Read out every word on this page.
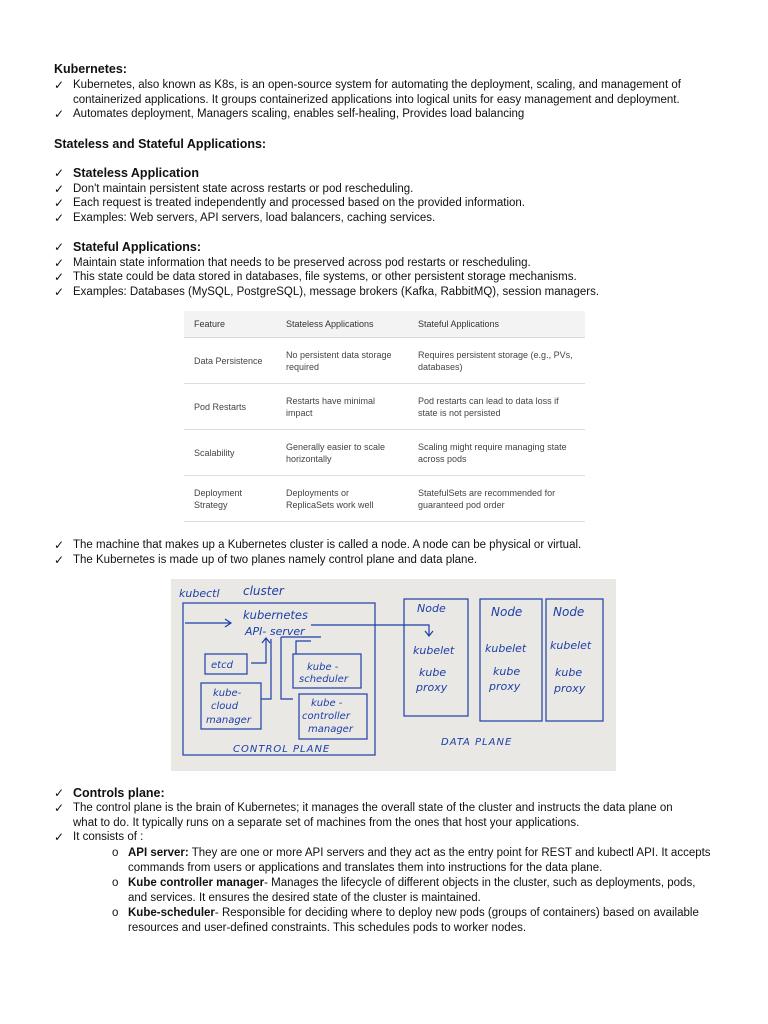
Kubernetes:
✓ Kubernetes, also known as K8s, is an open-source system for automating the deployment, scaling, and management of
containerized applications. It groups containerized applications into logical units for easy management and deployment.
✓ Automates deployment, Managers scaling, enables self-healing, Provides load balancing
Stateless and Stateful Applications:
✓ Stateless Application
✓ Don't maintain persistent state across restarts or pod rescheduling.
✓ Each request is treated independently and processed based on the provided information.
✓ Examples: Web servers, API servers, load balancers, caching services.
✓ Stateful Applications:
✓ Maintain state information that needs to be preserved across pod restarts or rescheduling.
✓ This state could be data stored in databases, file systems, or other persistent storage mechanisms.
✓ Examples: Databases (MySQL, PostgreSQL), message brokers (Kafka, RabbitMQ), session managers.
Feature	Stateless Applications	Stateful Applications
Data Persistence	No persistent data storage required	Requires persistent storage (e.g., PVs, databases)
Pod Restarts	Restarts have minimal impact	Pod restarts can lead to data loss if state is not persisted
Scalability	Generally easier to scale horizontally	Scaling might require managing state across pods
Deployment Strategy	Deployments or ReplicaSets work well	StatefulSets are recommended for guaranteed pod order
✓ The machine that makes up a Kubernetes cluster is called a node. A node can be physical or virtual.
✓ The Kubernetes is made up of two planes namely control plane and data plane.
kubectl cluster
kubernetes
API- server
etcd	kube -
scheduler
kube-
cloud
manager
kube -
controller
manager
CONTROL PLANE
Node
kubelet
kube
proxy
Node
kubelet
kube
proxy
Node
kubelet
kube
proxy
DATA PLANE
✓ Controls plane:
✓ The control plane is the brain of Kubernetes; it manages the overall state of the cluster and instructs the data plane on
what to do. It typically runs on a separate set of machines from the ones that host your applications.
✓ It consists of :
o API server: They are one or more API servers and they act as the entry point for REST and kubectl API. It accepts
commands from users or applications and translates them into instructions for the data plane.
o Kube controller manager- Manages the lifecycle of different objects in the cluster, such as deployments, pods,
and services. It ensures the desired state of the cluster is maintained.
o Kube-scheduler- Responsible for deciding where to deploy new pods (groups of containers) based on available
resources and user-defined constraints. This schedules pods to worker nodes.
